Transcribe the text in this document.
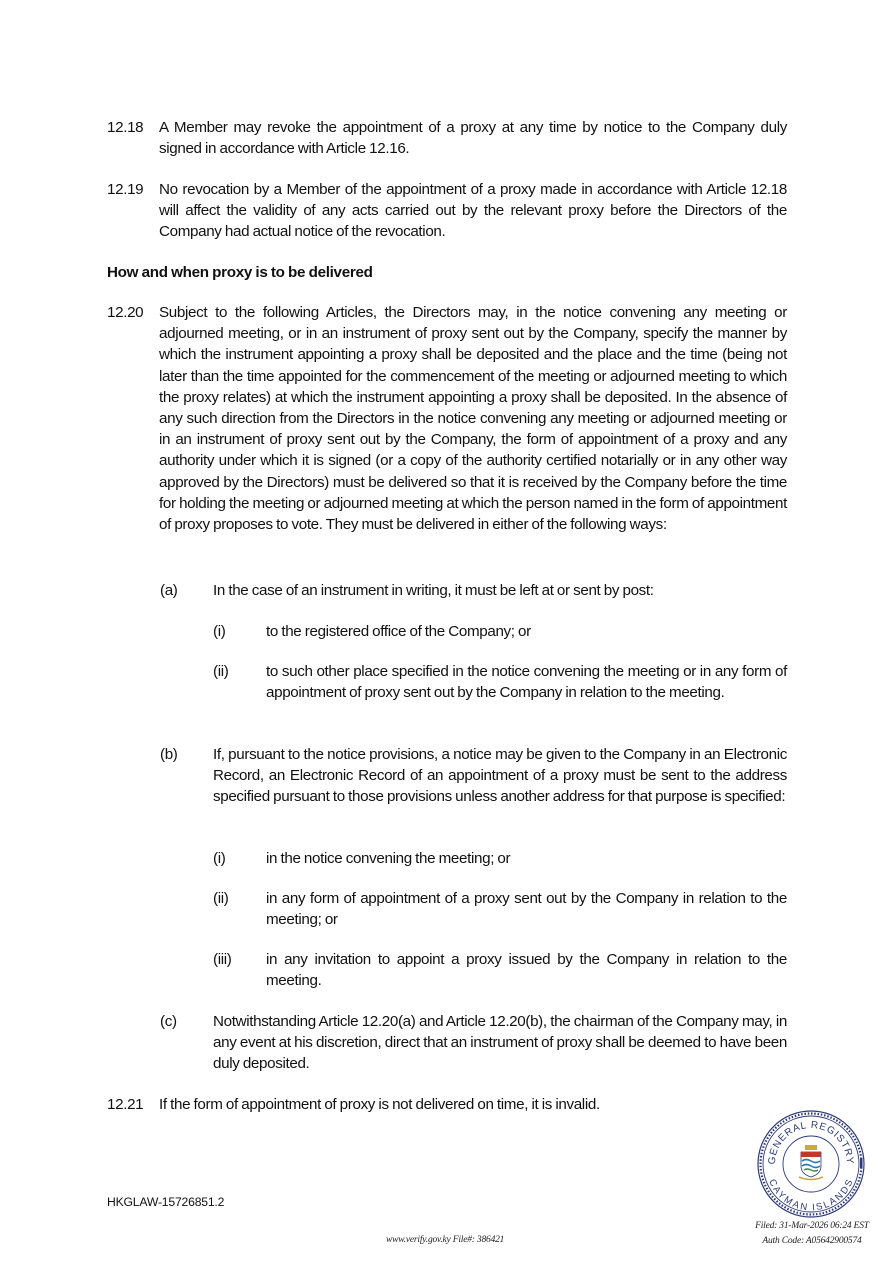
12.18 A Member may revoke the appointment of a proxy at any time by notice to the Company duly signed in accordance with Article 12.16.
12.19 No revocation by a Member of the appointment of a proxy made in accordance with Article 12.18 will affect the validity of any acts carried out by the relevant proxy before the Directors of the Company had actual notice of the revocation.
How and when proxy is to be delivered
12.20 Subject to the following Articles, the Directors may, in the notice convening any meeting or adjourned meeting, or in an instrument of proxy sent out by the Company, specify the manner by which the instrument appointing a proxy shall be deposited and the place and the time (being not later than the time appointed for the commencement of the meeting or adjourned meeting to which the proxy relates) at which the instrument appointing a proxy shall be deposited. In the absence of any such direction from the Directors in the notice convening any meeting or adjourned meeting or in an instrument of proxy sent out by the Company, the form of appointment of a proxy and any authority under which it is signed (or a copy of the authority certified notarially or in any other way approved by the Directors) must be delivered so that it is received by the Company before the time for holding the meeting or adjourned meeting at which the person named in the form of appointment of proxy proposes to vote. They must be delivered in either of the following ways:
(a) In the case of an instrument in writing, it must be left at or sent by post:
(i)	to the registered office of the Company; or
(ii) to such other place specified in the notice convening the meeting or in any form of appointment of proxy sent out by the Company in relation to the meeting.
(b) If, pursuant to the notice provisions, a notice may be given to the Company in an Electronic Record, an Electronic Record of an appointment of a proxy must be sent to the address specified pursuant to those provisions unless another address for that purpose is specified:
(i)	in the notice convening the meeting; or
(ii) in any form of appointment of a proxy sent out by the Company in relation to the meeting; or
(iii) in any invitation to appoint a proxy issued by the Company in relation to the meeting.
(c) Notwithstanding Article 12.20(a) and Article 12.20(b), the chairman of the Company may, in any event at his discretion, direct that an instrument of proxy shall be deemed to have been duly deposited.
12.21 If the form of appointment of proxy is not delivered on time, it is invalid.
GENERAL REGISTRY
CAYMAN ISLANDS
HKGLAW-15726851.2
www.verify.gov.ky File#: 386421
Filed: 31-Mar-2026 06:24 EST
Auth Code: A05642900574
